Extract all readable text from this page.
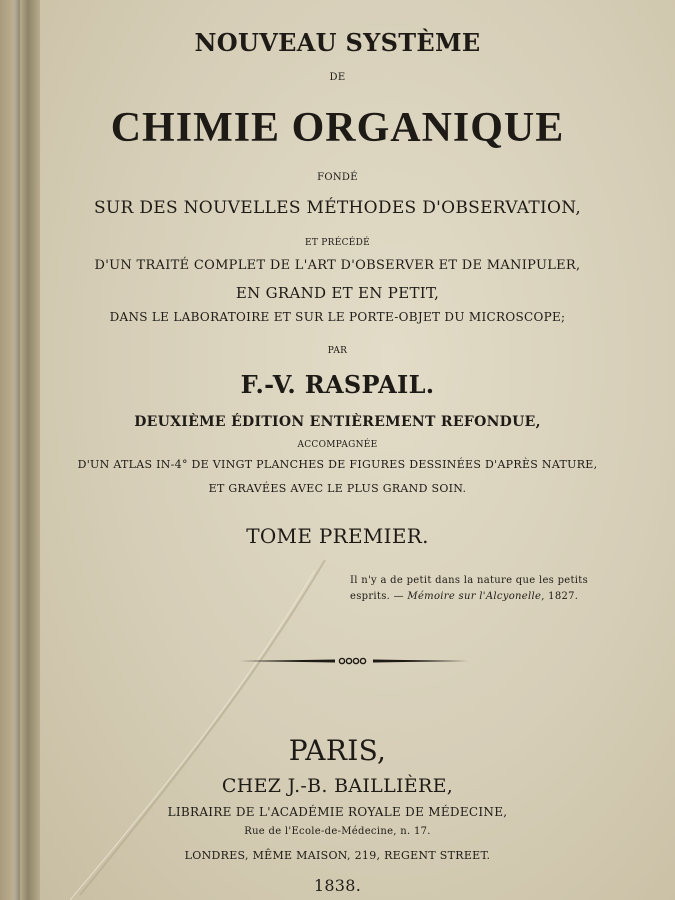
NOUVEAU SYSTÈME
DE
CHIMIE ORGANIQUE
FONDÉ
SUR DES NOUVELLES MÉTHODES D'OBSERVATION,
ET PRÉCÉDÉ
D'UN TRAITÉ COMPLET DE L'ART D'OBSERVER ET DE MANIPULER,
EN GRAND ET EN PETIT,
DANS LE LABORATOIRE ET SUR LE PORTE-OBJET DU MICROSCOPE;
PAR
F.-V. RASPAIL.
DEUXIÈME ÉDITION ENTIÈREMENT REFONDUE,
ACCOMPAGNÉE
D'UN ATLAS IN-4° DE VINGT PLANCHES DE FIGURES DESSINÉES D'APRÈS NATURE,
ET GRAVÉES AVEC LE PLUS GRAND SOIN.
TOME PREMIER.
Il n'y a de petit dans la nature que les petits
esprits. — Mémoire sur l'Alcyonelle, 1827.
PARIS,
CHEZ J.-B. BAILLIÈRE,
LIBRAIRE DE L'ACADÉMIE ROYALE DE MÉDECINE,
Rue de l'Ecole-de-Médecine, n. 17.
LONDRES, MÊME MAISON, 219, REGENT STREET.
1838.
